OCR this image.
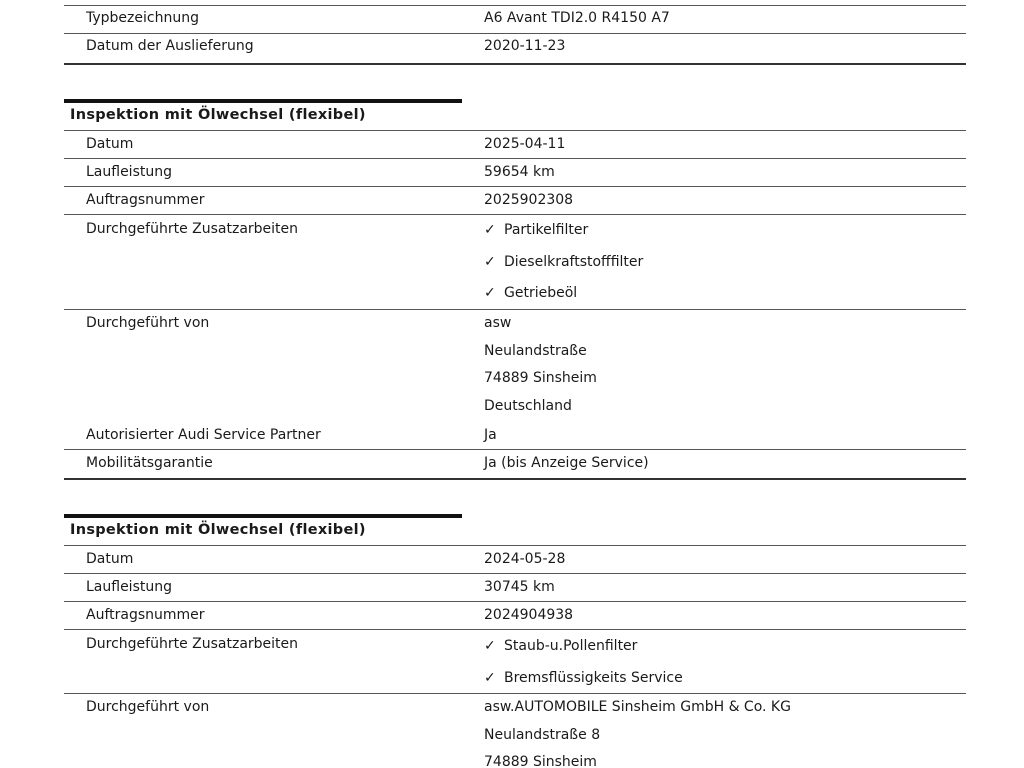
Typbezeichnung	A6 Avant TDI2.0 R4150 A7
Datum der Auslieferung	2020-11-23
Inspektion mit Ölwechsel (flexibel)
Datum	2025-04-11
Laufleistung	59654 km
Auftragsnummer	2025902308
Durchgeführte Zusatzarbeiten	✓ Partikelfilter
✓ Dieselkraftstofffilter
✓ Getriebeöl
Durchgeführt von	asw
Neulandstraße
74889 Sinsheim
Deutschland
Autorisierter Audi Service Partner	Ja
Mobilitätsgarantie	Ja (bis Anzeige Service)
Inspektion mit Ölwechsel (flexibel)
Datum	2024-05-28
Laufleistung	30745 km
Auftragsnummer	2024904938
Durchgeführte Zusatzarbeiten	✓ Staub-u.Pollenfilter
✓ Bremsflüssigkeits Service
Durchgeführt von	asw.AUTOMOBILE Sinsheim GmbH & Co. KG
Neulandstraße 8
74889 Sinsheim
